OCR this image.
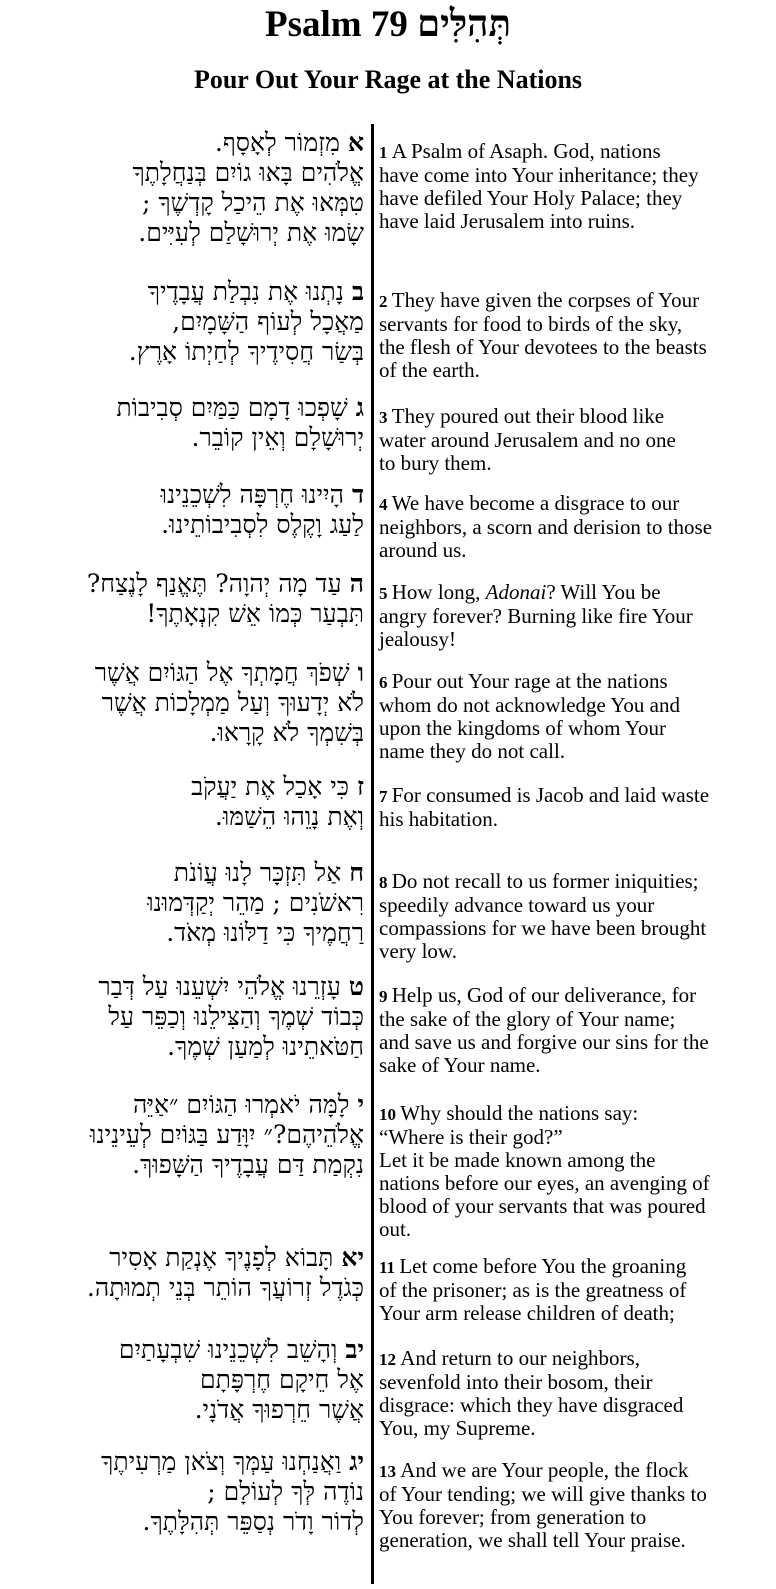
Psalm 79 תְּהִלִּים
Pour Out Your Rage at the Nations
אמִזְמוֹר לְאָסָף.
אֱלֹהִים בָּאוּ גוֹיִם בְּנַחֲלָתֶךָ
טִמְּאוּ אֶת הֵיכַל קָדְשֶׁךָ ;
שָׂמוּ אֶת יְרוּשָׁלַם לְעִיִּים.
1 A Psalm of Asaph. God, nations
have come into Your inheritance; they
have defiled Your Holy Palace; they
have laid Jerusalem into ruins.
בנָתְנוּ אֶת נִבְלַת עֲבָדֶיךָ
מַאֲכָל לְעוֹף הַשָּׁמָיִם,
בְּשַׂר חֲסִידֶיךָ לְחַיְתוֹ אָרֶץ.
2 They have given the corpses of Your
servants for food to birds of the sky,
the flesh of Your devotees to the beasts
of the earth.
גשָׁפְכוּ דָמָם כַּמַּיִם סְבִיבוֹת
יְרוּשָׁלָם וְאֵין קוֹבֵר.
3 They poured out their blood like
water around Jerusalem and no one
to bury them.
דהָיִינוּ חֶרְפָּה לִשְׁכֵנֵינוּ
לַעַג וָקֶלֶס לִסְבִיבוֹתֵינוּ.
4 We have become a disgrace to our
neighbors, a scorn and derision to those
around us.
העַד מָה יְהוָה? תֶּאֱנַף לָנֶצַח?
תִּבְעַר כְּמוֹ אֵשׁ קִנְאָתֶךָ!
5 How long, Adonai? Will You be
angry forever? Burning like fire Your
jealousy!
ושְׁפֹךְ חֲמָתְךָ אֶל הַגּוֹיִם אֲשֶׁר
לֹא יְדָעוּךָ וְעַל מַמְלָכוֹת אֲשֶׁר
בְּשִׁמְךָ לֹא קָרָאוּ.
6 Pour out Your rage at the nations
whom do not acknowledge You and
upon the kingdoms of whom Your
name they do not call.
זכִּי אָכַל אֶת יַעֲקֹב
וְאֶת נָוֵהוּ הֵשַׁמּוּ.
7 For consumed is Jacob and laid waste
his habitation.
חאַל תִּזְכָּר לָנוּ עֲוֹנֹת
רִאשֹׁנִים ; מַהֵר יְקַדְּמוּנוּ
רַחֲמֶיךָ כִּי דַלּוֹנוּ מְאֹד.
8 Do not recall to us former iniquities;
speedily advance toward us your
compassions for we have been brought
very low.
טעָזְרֵנוּ אֱלֹהֵי יִשְׁעֵנוּ עַל דְּבַר
כְּבוֹד שְׁמֶךָ וְהַצִּילֵנוּ וְכַפֵּר עַל
חַטֹּאתֵינוּ לְמַעַן שְׁמֶךָ.
9 Help us, God of our deliverance, for
the sake of the glory of Your name;
and save us and forgive our sins for the
sake of Your name.
ילָמָּה יֹאמְרוּ הַגּוֹיִם ״אַיֵּה
אֱלֹהֵיהֶם?״ יִוָּדַע בַּגּוֹיִם לְעֵינֵינוּ
נִקְמַת דַּם עֲבָדֶיךָ הַשָּׁפוּךְ.
10 Why should the nations say:
“Where is their god?”
Let it be made known among the
nations before our eyes, an avenging of
blood of your servants that was poured
out.
יאתָּבוֹא לְפָנֶיךָ אֶנְקַת אָסִיר
כְּגֹדֶל זְרוֹעֲךָ הוֹתֵר בְּנֵי תְמוּתָה.
11 Let come before You the groaning
of the prisoner; as is the greatness of
Your arm release children of death;
יבוְהָשֵׁב לִשְׁכֵנֵינוּ שִׁבְעָתַיִם
אֶל חֵיקָם חֶרְפָּתָם
אֲשֶׁר חֵרְפוּךָ אֲדֹנָי.
12 And return to our neighbors,
sevenfold into their bosom, their
disgrace: which they have disgraced
You, my Supreme.
יגוַאֲנַחְנוּ עַמְּךָ וְצֹאן מַרְעִיתֶךָ
נוֹדֶה לְּךָ לְעוֹלָם ;
לְדוֹר וָדֹר נְסַפֵּר תְּהִלָּתֶךָ.
13 And we are Your people, the flock
of Your tending; we will give thanks to
You forever; from generation to
generation, we shall tell Your praise.
